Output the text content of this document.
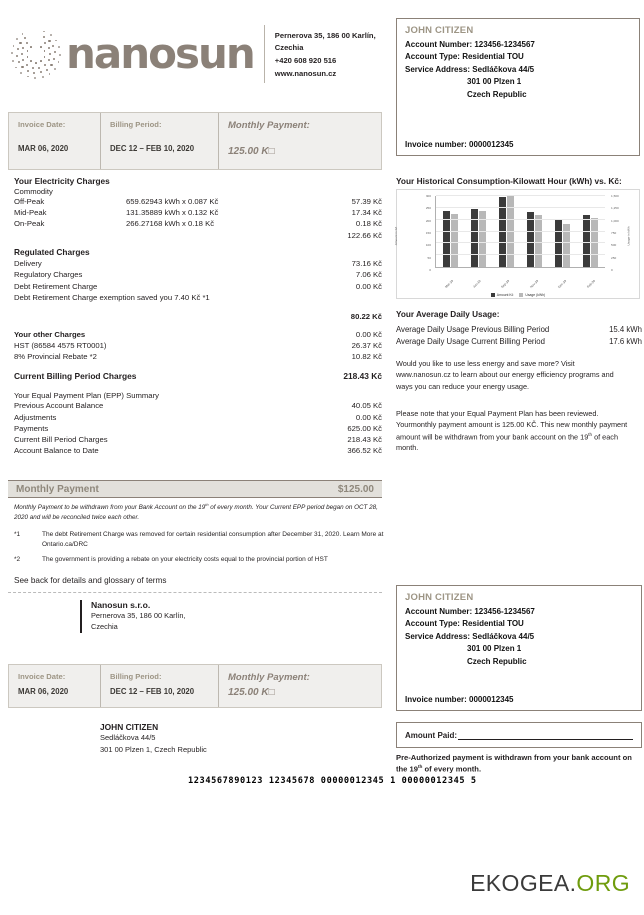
nanosun	Pernerova 35, 186 00 Karlín,
Czechia
+420 608 920 516
www.nanosun.cz
JOHN CITIZEN
Account Number: 123456-1234567
Account Type: Residential TOU
Service Address: Sedláčkova 44/5
301 00 Plzen 1
Czech Republic
Invoice number: 0000012345
Invoice Date:
MAR 06, 2020
Billing Period:
DEC 12 – FEB 10, 2020
Monthly Payment:
125.00 K□
Your Electricity Charges
Commodity
Off-Peak	659.62943 kWh x 0.087 Kč	57.39 Kč
Mid-Peak	131.35889 kWh x 0.132 Kč	17.34 Kč
On-Peak	266.27168 kWh x 0.18 Kč	0.18 Kč
122.66 Kč
Regulated Charges
Delivery	73.16 Kč
Regulatory Charges	7.06 Kč
Debt Retirement Charge	0.00 Kč
Debt Retirement Charge exemption saved you 7.40 Kč *1
80.22 Kč
Your other Charges	0.00 Kč
HST (86584 4575 RT0001)	26.37 Kč
8% Provincial Rebate *2	10.82 Kč
Current Billing Period Charges	218.43 Kč
Your Equal Payment Plan (EPP) Summary
Previous Account Balance	40.05 Kč
Adjustments	0.00 Kč
Payments	625.00 Kč
Current Bill Period Charges	218.43 Kč
Account Balance to Date	366.52 Kč
Monthly Payment	$125.00
Monthly Payment to be withdrawn from your Bank Account on the 19th of every month. Your Current EPP period began on OCT 28, 2020 and will be reconciled twice each other.
*1	The debt Retirement Charge was removed for certain residential consumption after December 31, 2020. Learn More at Ontario.ca/DRC
*2	The government is providing a rebate on your electricity costs equal to the provincial portion of HST
See back for details and glossary of terms
Your Historical Consumption-Kilowatt Hour (kWh) vs. Kč:
Amount in Kč	Usage in kWh
0
50
100
150
200
250
300
0
250
500
750
1,000
1,250
1,500
Mar-19	Jun-19	Sep-19	Nov-19	Dec-19	Feb-20
Amount Kč	Usage (kWh)
Your Average Daily Usage:
Average Daily Usage Previous Billing Period	15.4 kWh
Average Daily Usage Current Billing Period	17.6 kWh
Would you like to use less energy and save more? Visit www.nanosun.cz to learn about our energy efficiency programs and ways you can reduce your energy usage.
Please note that your Equal Payment Plan has been reviewed. Yourmonthly payment amount is 125.00 KČ. This new monthly payment amount will be withdrawn from your bank account on the 19th of each month.
Nanosun s.r.o.
Pernerova 35, 186 00 Karlín,
Czechia
Invoice Date:
MAR 06, 2020
Billing Period:
DEC 12 – FEB 10, 2020
Monthly Payment:
125.00 K□
JOHN CITIZEN
Sedláčkova 44/5
301 00 Plzen 1, Czech Republic
1234567890123 12345678 00000012345 1 00000012345 5
JOHN CITIZEN
Account Number: 123456-1234567
Account Type: Residential TOU
Service Address: Sedláčkova 44/5
301 00 Plzen 1
Czech Republic
Invoice number: 0000012345
Amount Paid:
Pre-Authorized payment is withdrawn from your bank account on the 19th of every month.
EKOGEA.ORG
